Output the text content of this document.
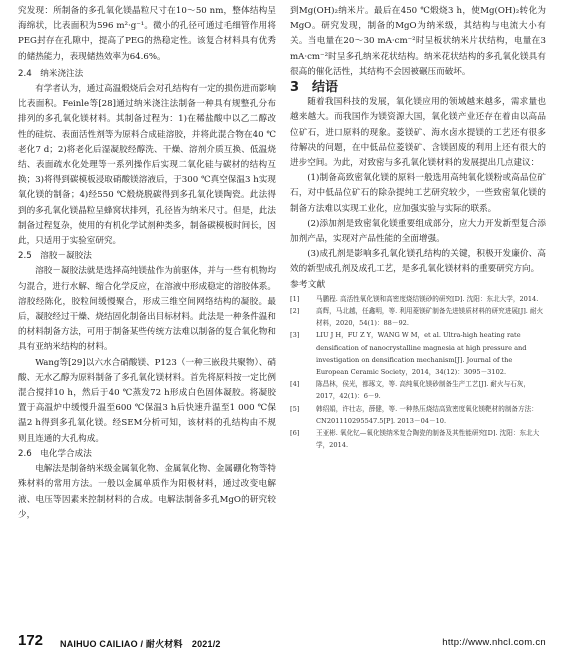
究发现：所制备的多孔氧化镁晶粒尺寸在10～50 nm，整体结构呈海绵状，比表面积为596 m²·g⁻¹。微小的孔径可通过毛细管作用将PEG封存在孔隙中，提高了PEG的热稳定性。该复合材料具有优秀的储热能力，表现储热效率为64.6%。

2.4　纳米浇注法

有学者认为，通过高温煅烧后会对孔结构有一定的损伤进而影响比表面积。Feinle等[28]通过纳米浇注法制备一种具有规整孔分布排列的多孔氧化镁材料。其制备过程为：1)在稀盐酸中以乙二醇改性的硅烷、表面活性剂等为原料合成硅溶胶，并将此混合物在40 ℃老化7 d；2)将老化后湿凝胶经醇洗、干燥、溶剂介质互换、低温烧结、表面疏水化处理等一系列操作后实现二氧化硅与碳材的结构互换；3)将得到碳模板浸取硝酸镁溶液后，于300 ℃真空保温3 h实现氧化镁的制备；4)经550 ℃煅烧脱碳得到多孔氧化镁陶瓷。此法得到的多孔氧化镁晶粒呈蜂窝状排列，孔径皆为纳米尺寸。但是，此法制备过程复杂，使用的有机化学试剂种类多，制备碳模板时间长，因此，只适用于实验室研究。

2.5　溶胶－凝胶法

溶胶－凝胶法就是选择高纯镁盐作为前驱体，并与一些有机物均匀混合，进行水解、缩合化学反应，在溶液中形成稳定的溶胶体系。溶胶经陈化，胶粒间缓慢聚合，形成三维空间网络结构的凝胶。最后，凝胶经过干燥、烧结固化制备出目标材料。此法是一种条件温和的材料制备方法，可用于制备某些传统方法难以制备的复合氧化物和具有亚纳米结构的材料。

Wang等[29]以六水合硝酸镁、P123（一种三嵌段共聚物）、硝酸、无水乙醇为原料制备了多孔氧化镁材料。首先将原料按一定比例混合搅拌10 h，然后于40 ℃蒸发72 h形成白色固体凝胶。将凝胶置于高温炉中缓慢升温至600 ℃保温3 h后快速升温至1 000 ℃保温2 h得到多孔氧化镁。经SEM分析可知，该材料的孔结构由不规则且连通的大孔构成。

2.6　电化学合成法

电解法是制备纳米级金属氧化物、金属氧化物、金属硼化物等特殊材料的常用方法。一般以金属单质作为阳极材料，通过改变电解液、电压等因素来控制材料的合成。电解法制备多孔MgO的研究较少，

到Mg(OH)₂纳米片。最后在450 ℃煅烧3 h，使Mg(OH)₂转化为MgO。研究发现，制备的MgO为纳米级，其结构与电流大小有关。当电量在20～30 mA·cm⁻²时呈板状纳米片状结构，电量在3 mA·cm⁻²时呈多孔纳米花状结构。纳米花状结构的多孔氧化镁具有很高的催化活性，其结构不会因被碾压而破坏。

3　结语

随着我国科技的发展，氧化镁应用的领域越来越多，需求量也越来越大。而我国作为镁资源大国，氧化镁产业还存在着由以高品位矿石，进口原料的现象。菱镁矿、海水卤水提镁的工艺还有很多待解决的问题，在中低品位菱镁矿、含镁固废的利用上还有很大的进步空间。为此，对致密与多孔氧化镁材料的发展提出几点建议：

(1)制备高致密氧化镁的原料一般选用高纯氧化镁粉或高品位矿石，对中低品位矿石的除杂提纯工艺研究较少，一些致密氧化镁的制备方法难以实现工业化，应加强实验与实际的联系。

(2)添加剂是致密氧化镁重要组成部分，应大力开发新型复合添加剂产品，实现对产品性能的全面增强。

(3)成孔剂是影响多孔氧化镁孔结构的关键，积极开发廉价、高效的新型成孔剂及成孔工艺，是多孔氧化镁材料的重要研究方向。

参考文献

[1]	马鹏程. 高活性氧化镁和高密度烧结镁砂的研究[D]. 沈阳：东北大学，2014.
[2]	高辉，马北越，任鑫明，等. 利用菱镁矿制备先进镁质材料的研究进展[J]. 耐火材料，2020，54(1)：88－92.
[3]	LIU J H，FU Z Y，WANG W M，et al. Ultra-high heating rate densification of nanocrystalline magnesia at high pressure and investigation on densification mechanism[J]. Journal of the European Ceramic Society，2014，34(12)：3095－3102.
[4]	陈昌林，侯光，都琢文，等. 高纯氧化镁砂制备生产工艺[J]. 耐火与石灰，2017，42(1)：6－9.
[5]	韩绍娟，许壮志，薛健，等. 一种热压烧结高致密度氧化镁靶材的制备方法：CN201110295547.5[P]. 2013－04－10.
[6]	王亚彬. 氧化钇—氧化镁纳米复合陶瓷的制备及其性能研究[D]. 沈阳：东北大学，2014.
172 NAIHUO CAILIAO / 耐火材料　2021/2	http://www.nhcl.com.cn
